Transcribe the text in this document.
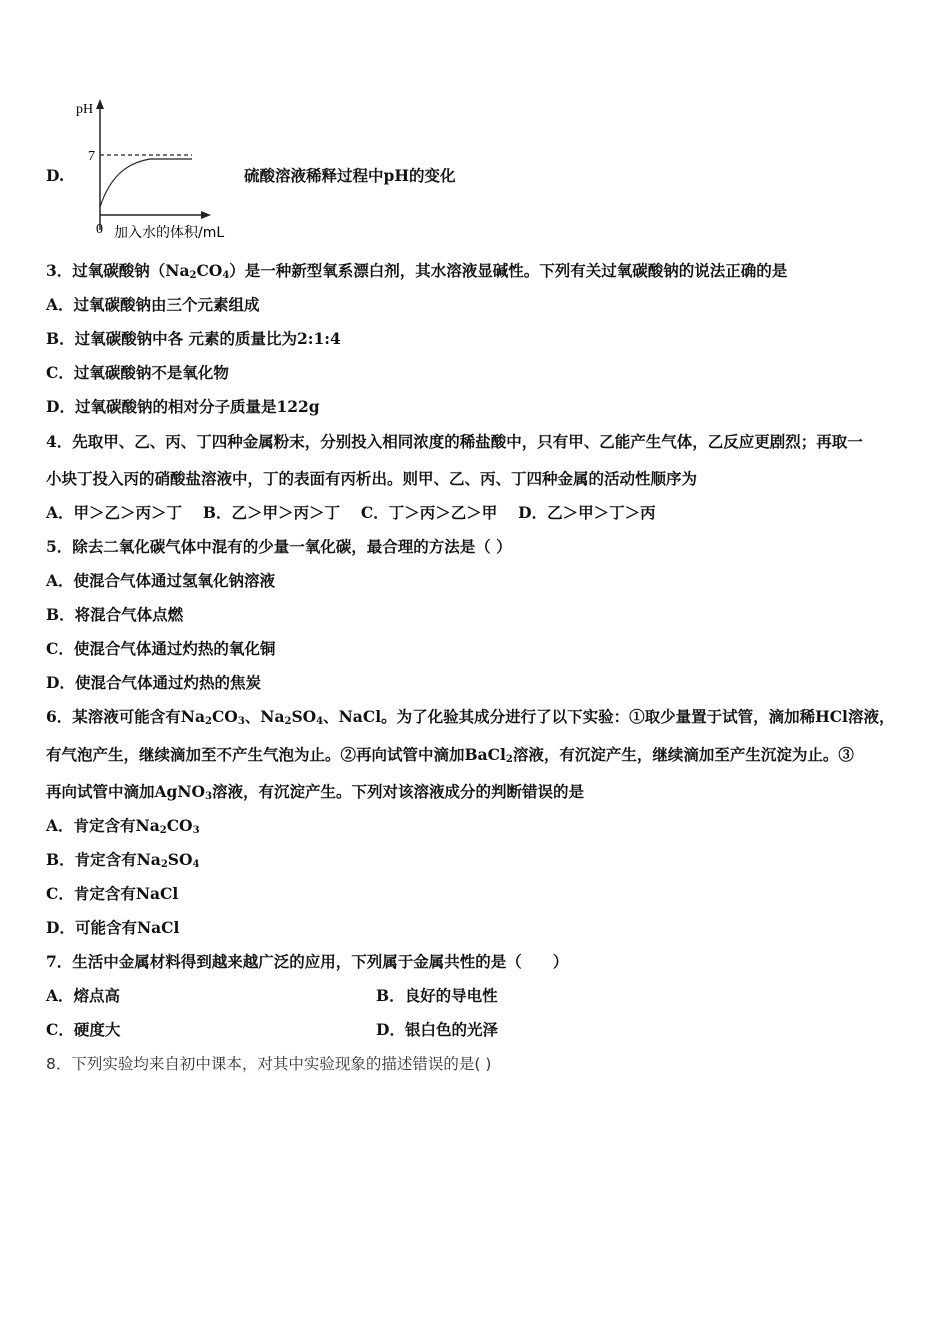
D.
pH
7
0 加入水的体积/mL
硫酸溶液稀释过程中pH的变化
3．过氧碳酸钠$(Na_2CO_4)$是一种新型氧系漂白剂，其水溶液显碱性。下列有关过氧碳酸钠的说法正确的是
A．过氧碳酸钠由三个元素组成
B．过氧碳酸钠中各 元素的质量比为2:1:4
C．过氧碳酸钠不是氧化物
D．过氧碳酸钠的相对分子质量是122g
4．先取甲、乙、丙、丁四种金属粉末，分别投入相同浓度的稀盐酸中，只有甲、乙能产生气体，乙反应更剧烈；再取一
小块丁投入丙的硝酸盐溶液中，丁的表面有丙析出。则甲、乙、丙、丁四种金属的活动性顺序为
A．甲＞乙＞丙＞丁　 B．乙＞甲＞丙＞丁　 C．丁＞丙＞乙＞甲　 D．乙＞甲＞丁＞丙
5．除去二氧化碳气体中混有的少量一氧化碳，最合理的方法是（ ）
A．使混合气体通过氢氧化钠溶液
B．将混合气体点燃
C．使混合气体通过灼热的氧化铜
D．使混合气体通过灼热的焦炭
6．某溶液可能含有$Na_2CO_3$、$Na_2SO_4$、NaCl。为了化验其成分进行了以下实验：①取少量置于试管，滴加稀HCl溶液，
有气泡产生，继续滴加至不产生气泡为止。②再向试管中滴加BaCl$_2$溶液，有沉淀产生，继续滴加至产生沉淀为止。③
再向试管中滴加AgNO$_3$溶液，有沉淀产生。下列对该溶液成分的判断错误的是
A．肯定含有$Na_2CO_3$
B．肯定含有$Na_2SO_4$
C．肯定含有NaCl
D．可能含有NaCl
7．生活中金属材料得到越来越广泛的应用，下列属于金属共性的是（　　）
A．熔点高	B．良好的导电性
C．硬度大	D．银白色的光泽
8．下列实验均来自初中课本，对其中实验现象的描述错误的是( )
